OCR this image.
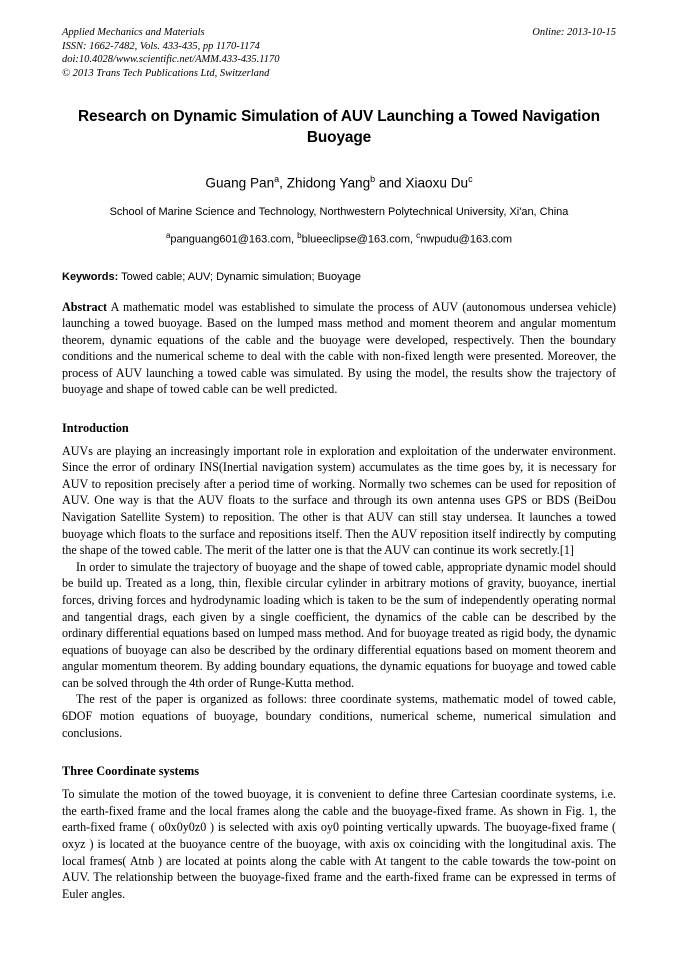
Applied Mechanics and Materials
ISSN: 1662-7482, Vols. 433-435, pp 1170-1174
doi:10.4028/www.scientific.net/AMM.433-435.1170
© 2013 Trans Tech Publications Ltd, Switzerland
Online: 2013-10-15
Research on Dynamic Simulation of AUV Launching a Towed Navigation Buoyage
Guang Pan$^a$, Zhidong Yang$^b$ and Xiaoxu Du$^c$
School of Marine Science and Technology, Northwestern Polytechnical University, Xi'an, China
$^a$panguang601@163.com, $^b$blueeclipse@163.com, $^c$nwpudu@163.com
Keywords: Towed cable; AUV; Dynamic simulation; Buoyage
Abstract A mathematic model was established to simulate the process of AUV (autonomous undersea vehicle) launching a towed buoyage. Based on the lumped mass method and moment theorem and angular momentum theorem, dynamic equations of the cable and the buoyage were developed, respectively. Then the boundary conditions and the numerical scheme to deal with the cable with non-fixed length were presented. Moreover, the process of AUV launching a towed cable was simulated. By using the model, the results show the trajectory of buoyage and shape of towed cable can be well predicted.
Introduction
AUVs are playing an increasingly important role in exploration and exploitation of the underwater environment. Since the error of ordinary INS(Inertial navigation system) accumulates as the time goes by, it is necessary for AUV to reposition precisely after a period time of working. Normally two schemes can be used for reposition of AUV. One way is that the AUV floats to the surface and through its own antenna uses GPS or BDS (BeiDou Navigation Satellite System) to reposition. The other is that AUV can still stay undersea. It launches a towed buoyage which floats to the surface and repositions itself. Then the AUV reposition itself indirectly by computing the shape of the towed cable. The merit of the latter one is that the AUV can continue its work secretly.[1]
In order to simulate the trajectory of buoyage and the shape of towed cable, appropriate dynamic model should be build up. Treated as a long, thin, flexible circular cylinder in arbitrary motions of gravity, buoyance, inertial forces, driving forces and hydrodynamic loading which is taken to be the sum of independently operating normal and tangential drags, each given by a single coefficient, the dynamics of the cable can be described by the ordinary differential equations based on lumped mass method. And for buoyage treated as rigid body, the dynamic equations of buoyage can also be described by the ordinary differential equations based on moment theorem and angular momentum theorem. By adding boundary equations, the dynamic equations for buoyage and towed cable can be solved through the 4th order of Runge-Kutta method.
The rest of the paper is organized as follows: three coordinate systems, mathematic model of towed cable, 6DOF motion equations of buoyage, boundary conditions, numerical scheme, numerical simulation and conclusions.
Three Coordinate systems
To simulate the motion of the towed buoyage, it is convenient to define three Cartesian coordinate systems, i.e. the earth-fixed frame and the local frames along the cable and the buoyage-fixed frame. As shown in Fig. 1, the earth-fixed frame ( o0x0y0z0 ) is selected with axis oy0 pointing vertically upwards. The buoyage-fixed frame ( oxyz ) is located at the buoyance centre of the buoyage, with axis ox coinciding with the longitudinal axis. The local frames( Atnb ) are located at points along the cable with At tangent to the cable towards the tow-point on AUV. The relationship between the buoyage-fixed frame and the earth-fixed frame can be expressed in terms of Euler angles.
